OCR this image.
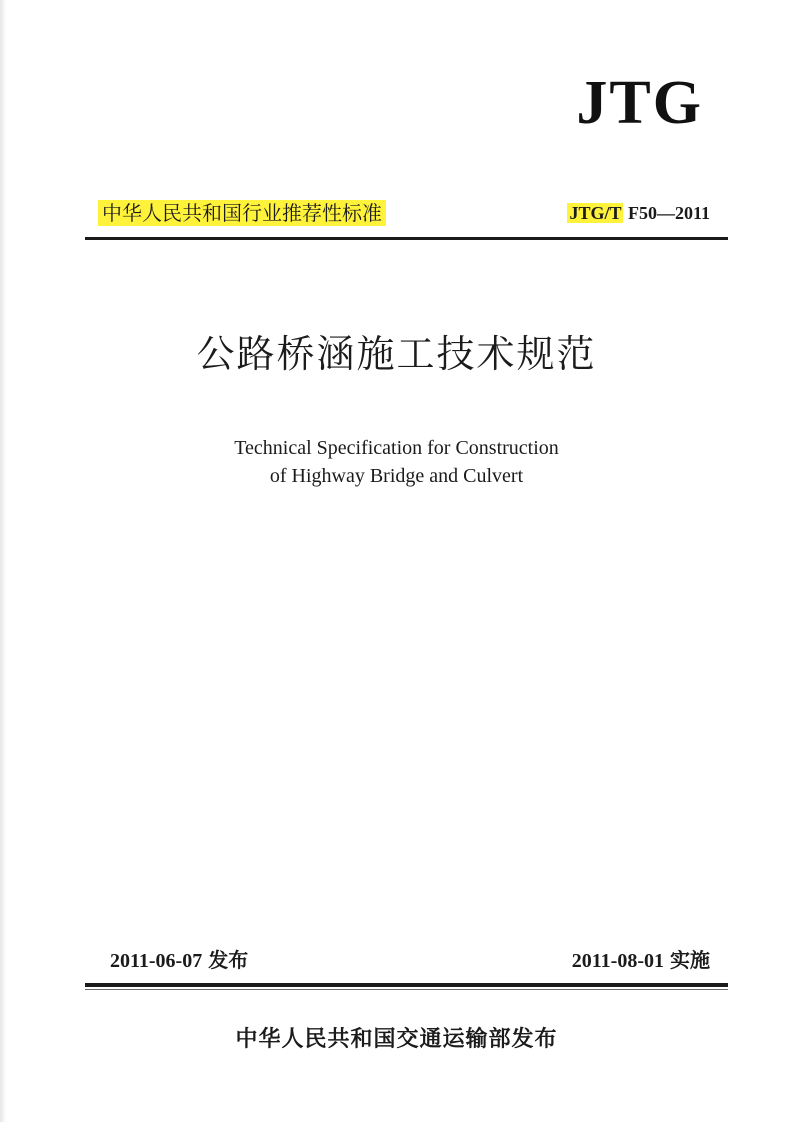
JTG
中华人民共和国行业推荐性标准	JTG/T F50—2011
公路桥涵施工技术规范
Technical Specification for Construction
of Highway Bridge and Culvert
2011-06-07 发布	2011-08-01 实施
中华人民共和国交通运输部发布
